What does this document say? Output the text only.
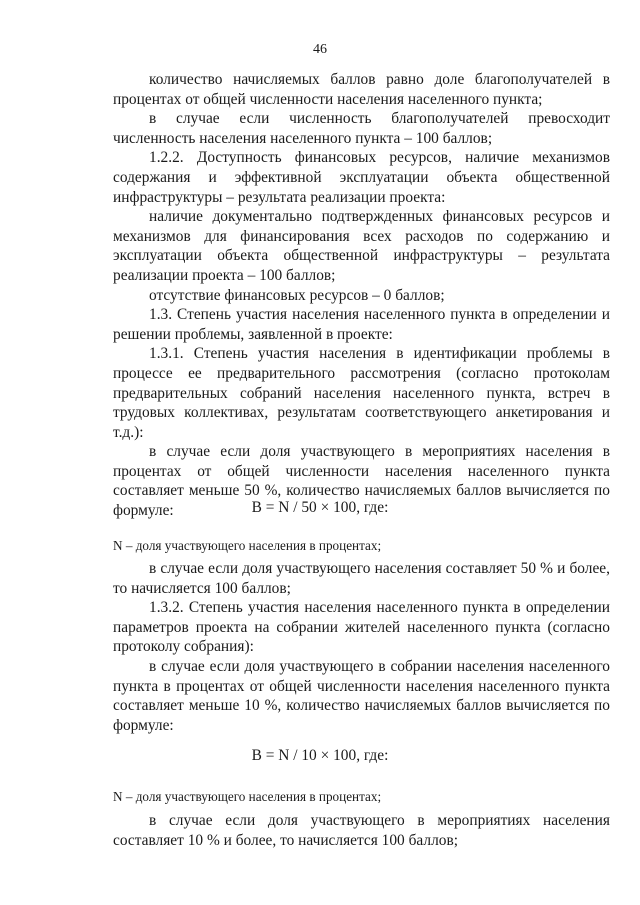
46

количество начисляемых баллов равно доле благополучателей в процентах от общей численности населения населенного пункта;

в случае если численность благополучателей превосходит численность населения населенного пункта – 100 баллов;

1.2.2. Доступность финансовых ресурсов, наличие механизмов содержания и эффективной эксплуатации объекта общественной инфраструктуры – результата реализации проекта:

наличие документально подтвержденных финансовых ресурсов и механизмов для финансирования всех расходов по содержанию и эксплуатации объекта общественной инфраструктуры – результата реализации проекта – 100 баллов;

отсутствие финансовых ресурсов – 0 баллов;

1.3. Степень участия населения населенного пункта в определении и решении проблемы, заявленной в проекте:

1.3.1. Степень участия населения в идентификации проблемы в процессе ее предварительного рассмотрения (согласно протоколам предварительных собраний населения населенного пункта, встреч в трудовых коллективах, результатам соответствующего анкетирования и т.д.):

в случае если доля участвующего в мероприятиях населения в процентах от общей численности населения населенного пункта составляет меньше 50 %, количество начисляемых баллов вычисляется по формуле:	B = N / 50 × 100, где:
N – доля участвующего населения в процентах;

в случае если доля участвующего населения составляет 50 % и более, то начисляется 100 баллов;

1.3.2. Степень участия населения населенного пункта в определении параметров проекта на собрании жителей населенного пункта (согласно протоколу собрания):

в случае если доля участвующего в собрании населения населенного пункта в процентах от общей численности населения населенного пункта составляет меньше 10 %, количество начисляемых баллов вычисляется по формуле:

B = N / 10 × 100, где:
N – доля участвующего населения в процентах;

в случае если доля участвующего в мероприятиях населения составляет 10 % и более, то начисляется 100 баллов;
